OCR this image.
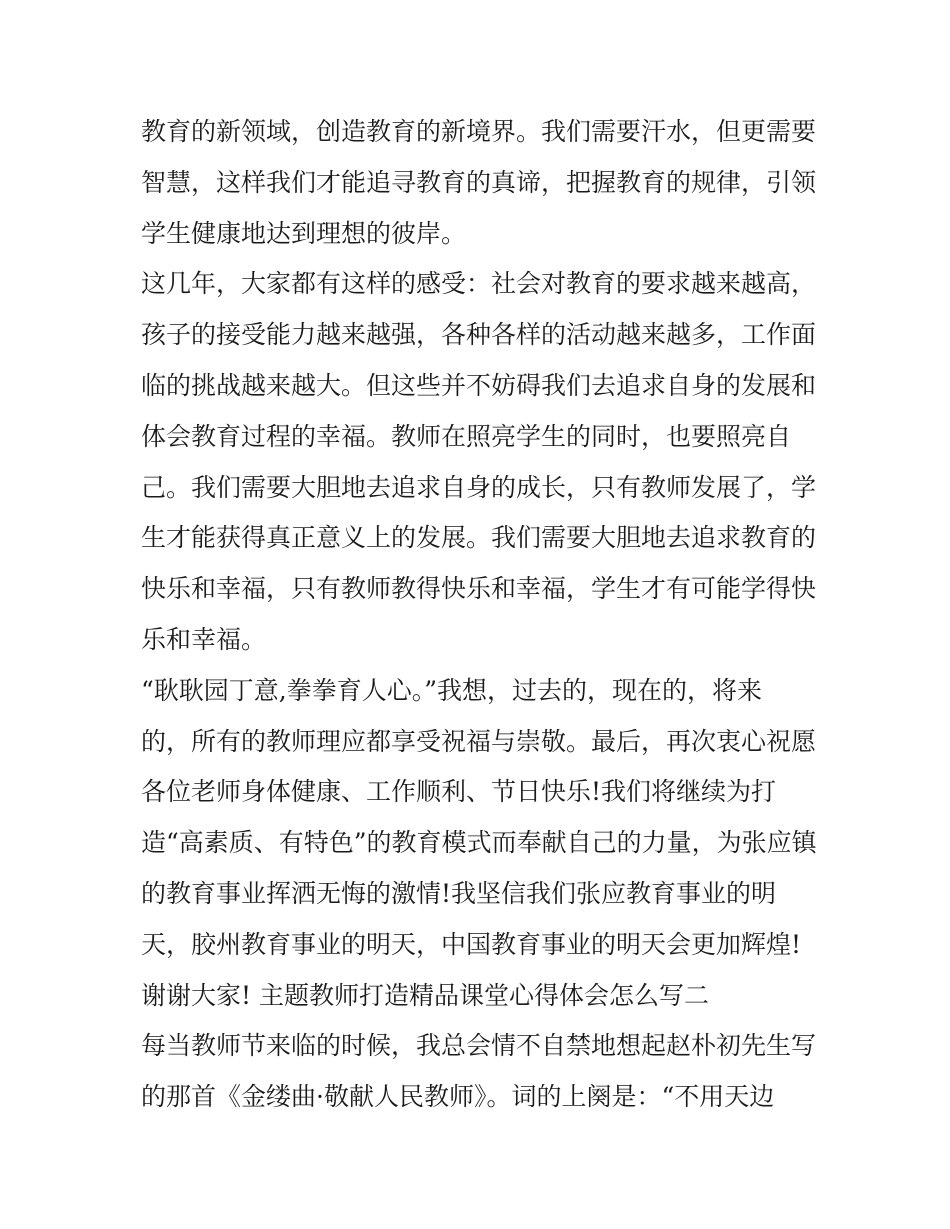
教育的新领域，创造教育的新境界。我们需要汗水，但更需要
智慧，这样我们才能追寻教育的真谛，把握教育的规律，引领
学生健康地达到理想的彼岸。
这几年，大家都有这样的感受：社会对教育的要求越来越高，
孩子的接受能力越来越强，各种各样的活动越来越多，工作面
临的挑战越来越大。但这些并不妨碍我们去追求自身的发展和
体会教育过程的幸福。教师在照亮学生的同时，也要照亮自
己。我们需要大胆地去追求自身的成长，只有教师发展了，学
生才能获得真正意义上的发展。我们需要大胆地去追求教育的
快乐和幸福，只有教师教得快乐和幸福，学生才有可能学得快
乐和幸福。
“耿耿园丁意,拳拳育人心。”我想，过去的，现在的，将来
的，所有的教师理应都享受祝福与崇敬。最后，再次衷心祝愿
各位老师身体健康、工作顺利、节日快乐!我们将继续为打
造“高素质、有特色”的教育模式而奉献自己的力量，为张应镇
的教育事业挥洒无悔的激情!我坚信我们张应教育事业的明
天，胶州教育事业的明天，中国教育事业的明天会更加辉煌!
谢谢大家! 主题教师打造精品课堂心得体会怎么写二
每当教师节来临的时候，我总会情不自禁地想起赵朴初先生写
的那首《金缕曲·敬献人民教师》。词的上阕是：“不用天边
